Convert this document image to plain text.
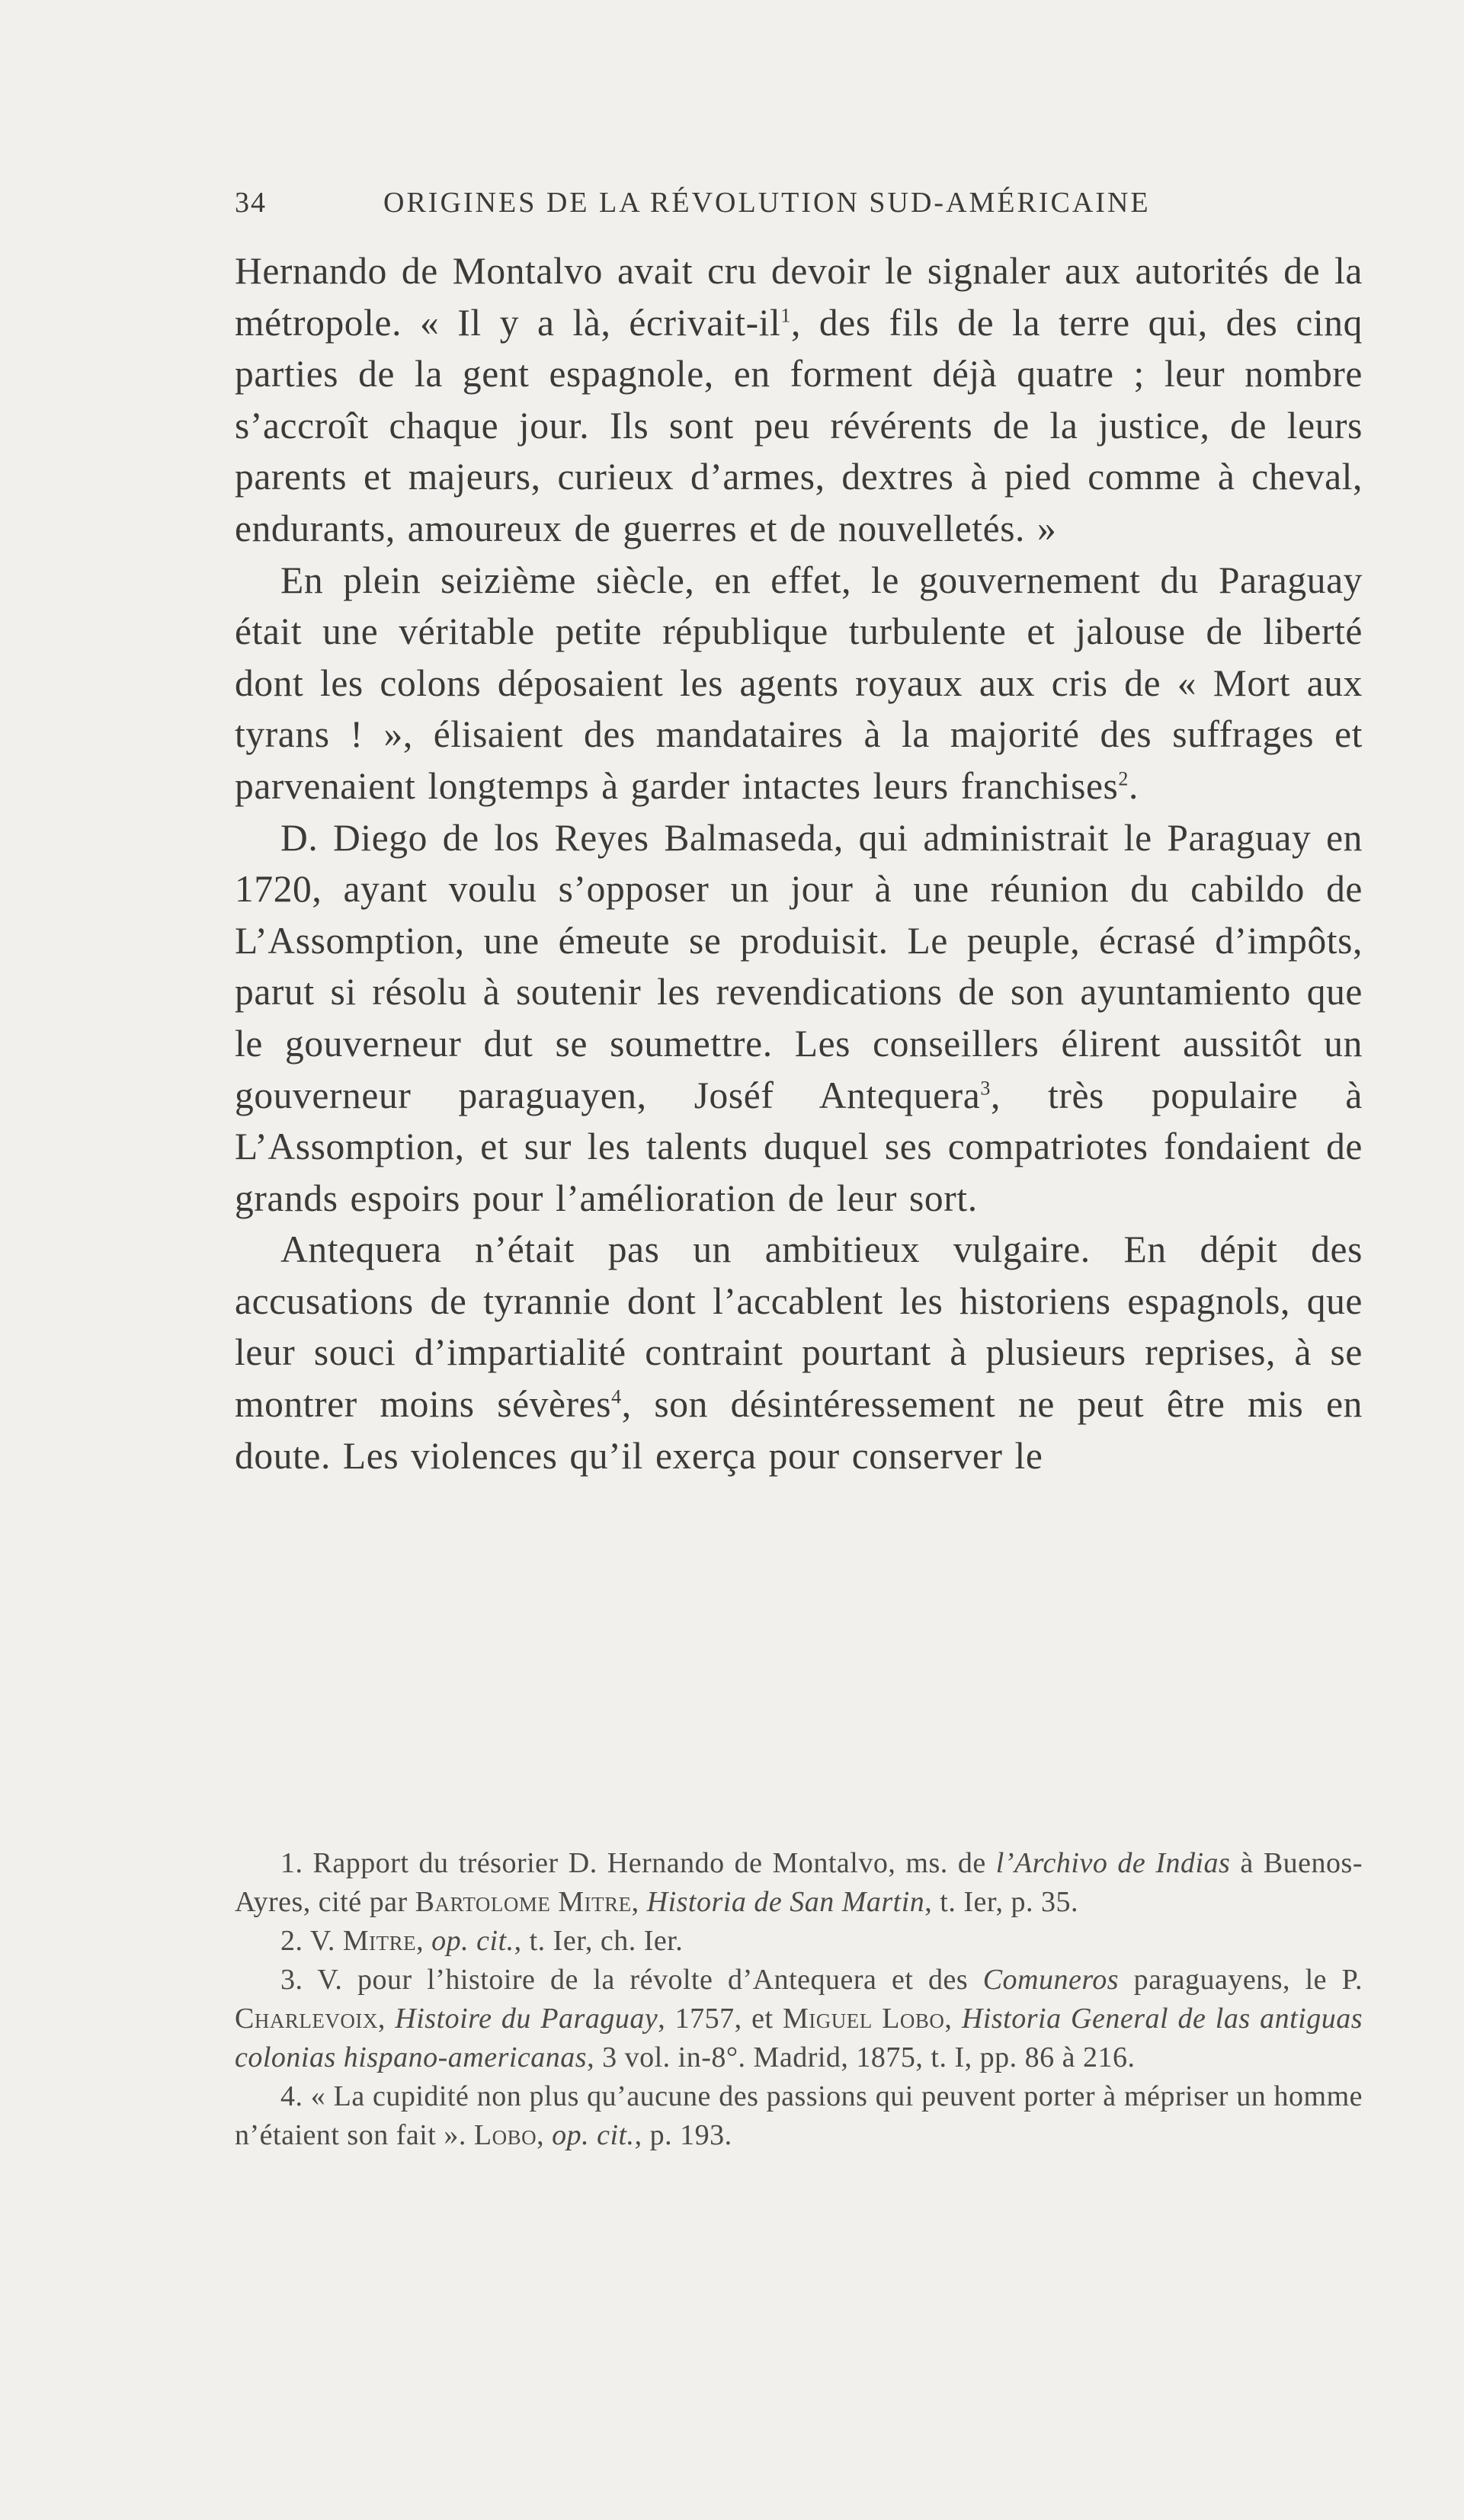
34	ORIGINES DE LA RÉVOLUTION SUD-AMÉRICAINE

Hernando de Montalvo avait cru devoir le signaler aux autorités de la métropole. « Il y a là, écrivait-$il^1$, des fils de la terre qui, des cinq parties de la gent espagnole, en forment déjà quatre ; leur nombre s’accroît chaque jour. Ils sont peu révérents de la justice, de leurs parents et majeurs, curieux d’armes, dextres à pied comme à cheval, endurants, amoureux de guerres et de nouvelletés. »

En plein seizième siècle, en effet, le gouvernement du Paraguay était une véritable petite république turbulente et jalouse de liberté dont les colons déposaient les agents royaux aux cris de « Mort aux tyrans ! », élisaient des mandataires à la majorité des suffrages et parvenaient longtemps à garder intactes leurs franchises$^2$.

D. Diego de los Reyes Balmaseda, qui administrait le Paraguay en 1720, ayant voulu s’opposer un jour à une réunion du cabildo de L’Assomption, une émeute se produisit. Le peuple, écrasé d’impôts, parut si résolu à soutenir les revendications de son ayuntamiento que le gouverneur dut se soumettre. Les conseillers élirent aussitôt un gouverneur paraguayen, Joséf Antequera$^3$, très populaire à L’Assomption, et sur les talents duquel ses compatriotes fondaient de grands espoirs pour l’amélioration de leur sort.

Antequera n’était pas un ambitieux vulgaire. En dépit des accusations de tyrannie dont l’accablent les historiens espagnols, que leur souci d’impartialité contraint pourtant à plusieurs reprises, à se montrer moins sévères$^4$, son désintéressement ne peut être mis en doute. Les violences qu’il exerça pour conserver le

1. Rapport du trésorier D. Hernando de Montalvo, ms. de l’Archivo de Indias à Buenos-Ayres, cité par Bartolome Mitre, Historia de San Martin, t. Ier, p. 35.

2. V. Mitre, op. cit., t. Ier, ch. Ier.

3. V. pour l’histoire de la révolte d’Antequera et des Comuneros paraguayens, le P. Charlevoix, Histoire du Paraguay, 1757, et Miguel Lobo, Historia General de las antiguas colonias hispano-americanas, 3 vol. in-8°. Madrid, 1875, t. I, pp. 86 à 216.

4. « La cupidité non plus qu’aucune des passions qui peuvent porter à mépriser un homme n’étaient son fait ». Lobo, op. cit., p. 193.
